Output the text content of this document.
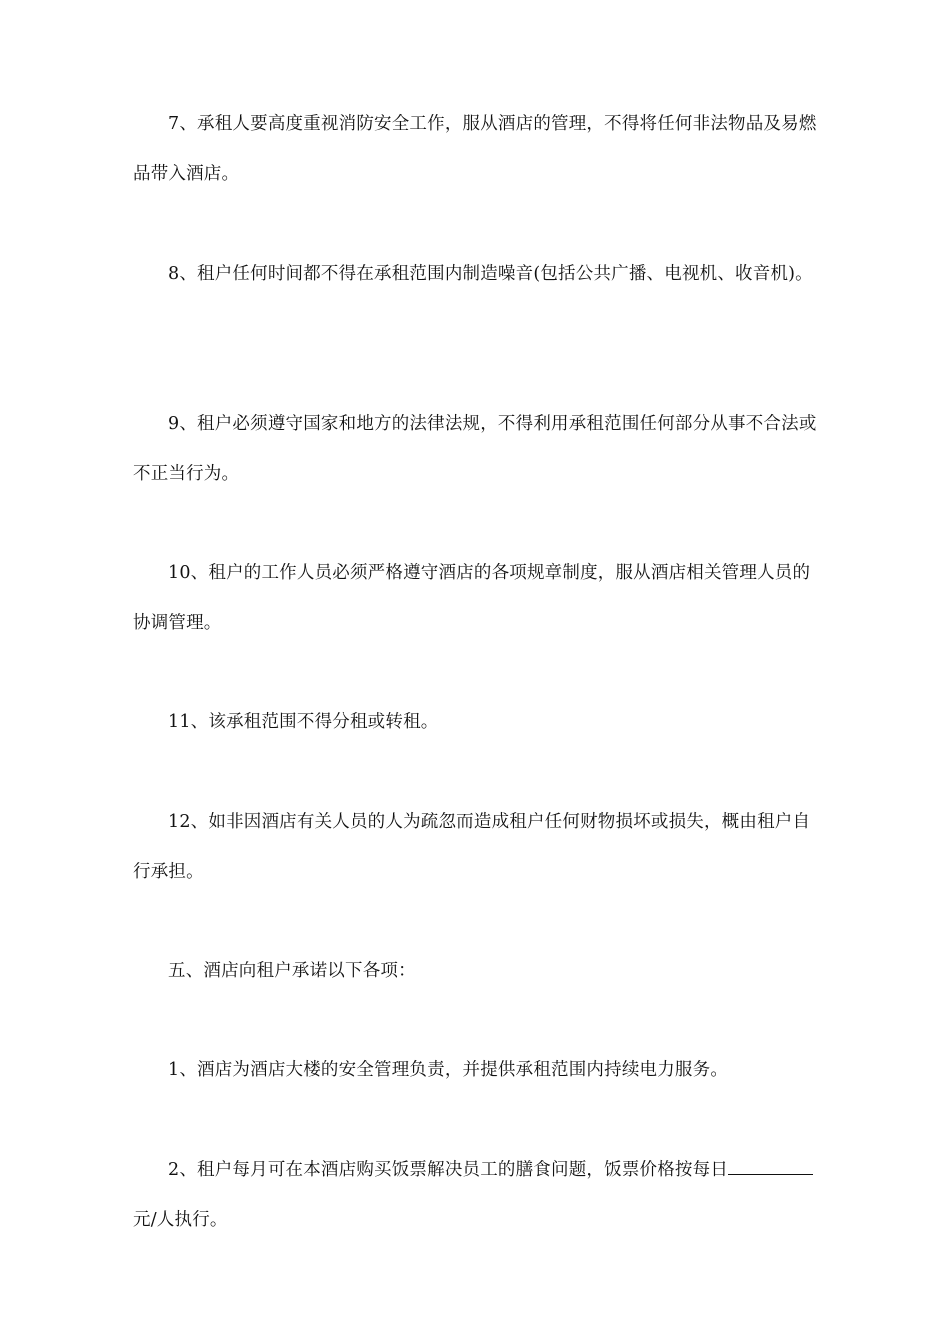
7、承租人要高度重视消防安全工作，服从酒店的管理，不得将任何非法物品及易燃品带入酒店。

8、租户任何时间都不得在承租范围内制造噪音(包括公共广播、电视机、收音机)。

9、租户必须遵守国家和地方的法律法规，不得利用承租范围任何部分从事不合法或不正当行为。

10、租户的工作人员必须严格遵守酒店的各项规章制度，服从酒店相关管理人员的协调管理。

11、该承租范围不得分租或转租。

12、如非因酒店有关人员的人为疏忽而造成租户任何财物损坏或损失，概由租户自行承担。

五、酒店向租户承诺以下各项：

1、酒店为酒店大楼的安全管理负责，并提供承租范围内持续电力服务。

2、租户每月可在本酒店购买饭票解决员工的膳食问题，饭票价格按每日元/人执行。
